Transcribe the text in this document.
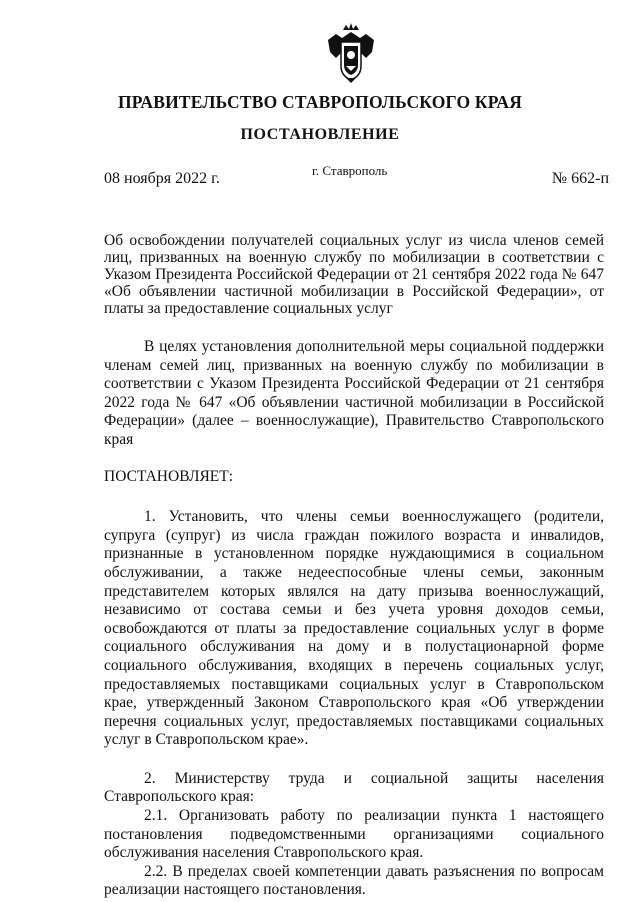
ПРАВИТЕЛЬСТВО СТАВРОПОЛЬСКОГО КРАЯ
ПОСТАНОВЛЕНИЕ
08 ноября 2022 г.	г. Ставрополь	№ 662-п

Об освобождении получателей социальных услуг из числа членов семей лиц, призванных на военную службу по мобилизации в соответствии с Указом Президента Российской Федерации от 21 сентября 2022 года № 647 «Об объявлении частичной мобилизации в Российской Федерации», от платы за предоставление социальных услуг

В целях установления дополнительной меры социальной поддержки членам семей лиц, призванных на военную службу по мобилизации в соответствии с Указом Президента Российской Федерации от 21 сентября 2022 года № 647 «Об объявлении частичной мобилизации в Российской Федерации» (далее – военнослужащие), Правительство Ставропольского края

ПОСТАНОВЛЯЕТ:

1. Установить, что члены семьи военнослужащего (родители, супруга (супруг) из числа граждан пожилого возраста и инвалидов, признанные в установленном порядке нуждающимися в социальном обслуживании, а также недееспособные члены семьи, законным представителем которых являлся на дату призыва военнослужащий, независимо от состава семьи и без учета уровня доходов семьи, освобождаются от платы за предоставление социальных услуг в форме социального обслуживания на дому и в полустационарной форме социального обслуживания, входящих в перечень социальных услуг, предоставляемых поставщиками социальных услуг в Ставропольском крае, утвержденный Законом Ставропольского края «Об утверждении перечня социальных услуг, предоставляемых поставщиками социальных услуг в Ставропольском крае».

2. Министерству труда и социальной защиты населения Ставропольского края:

2.1. Организовать работу по реализации пункта 1 настоящего постановления подведомственными организациями социального обслуживания населения Ставропольского края.

2.2. В пределах своей компетенции давать разъяснения по вопросам реализации настоящего постановления.
